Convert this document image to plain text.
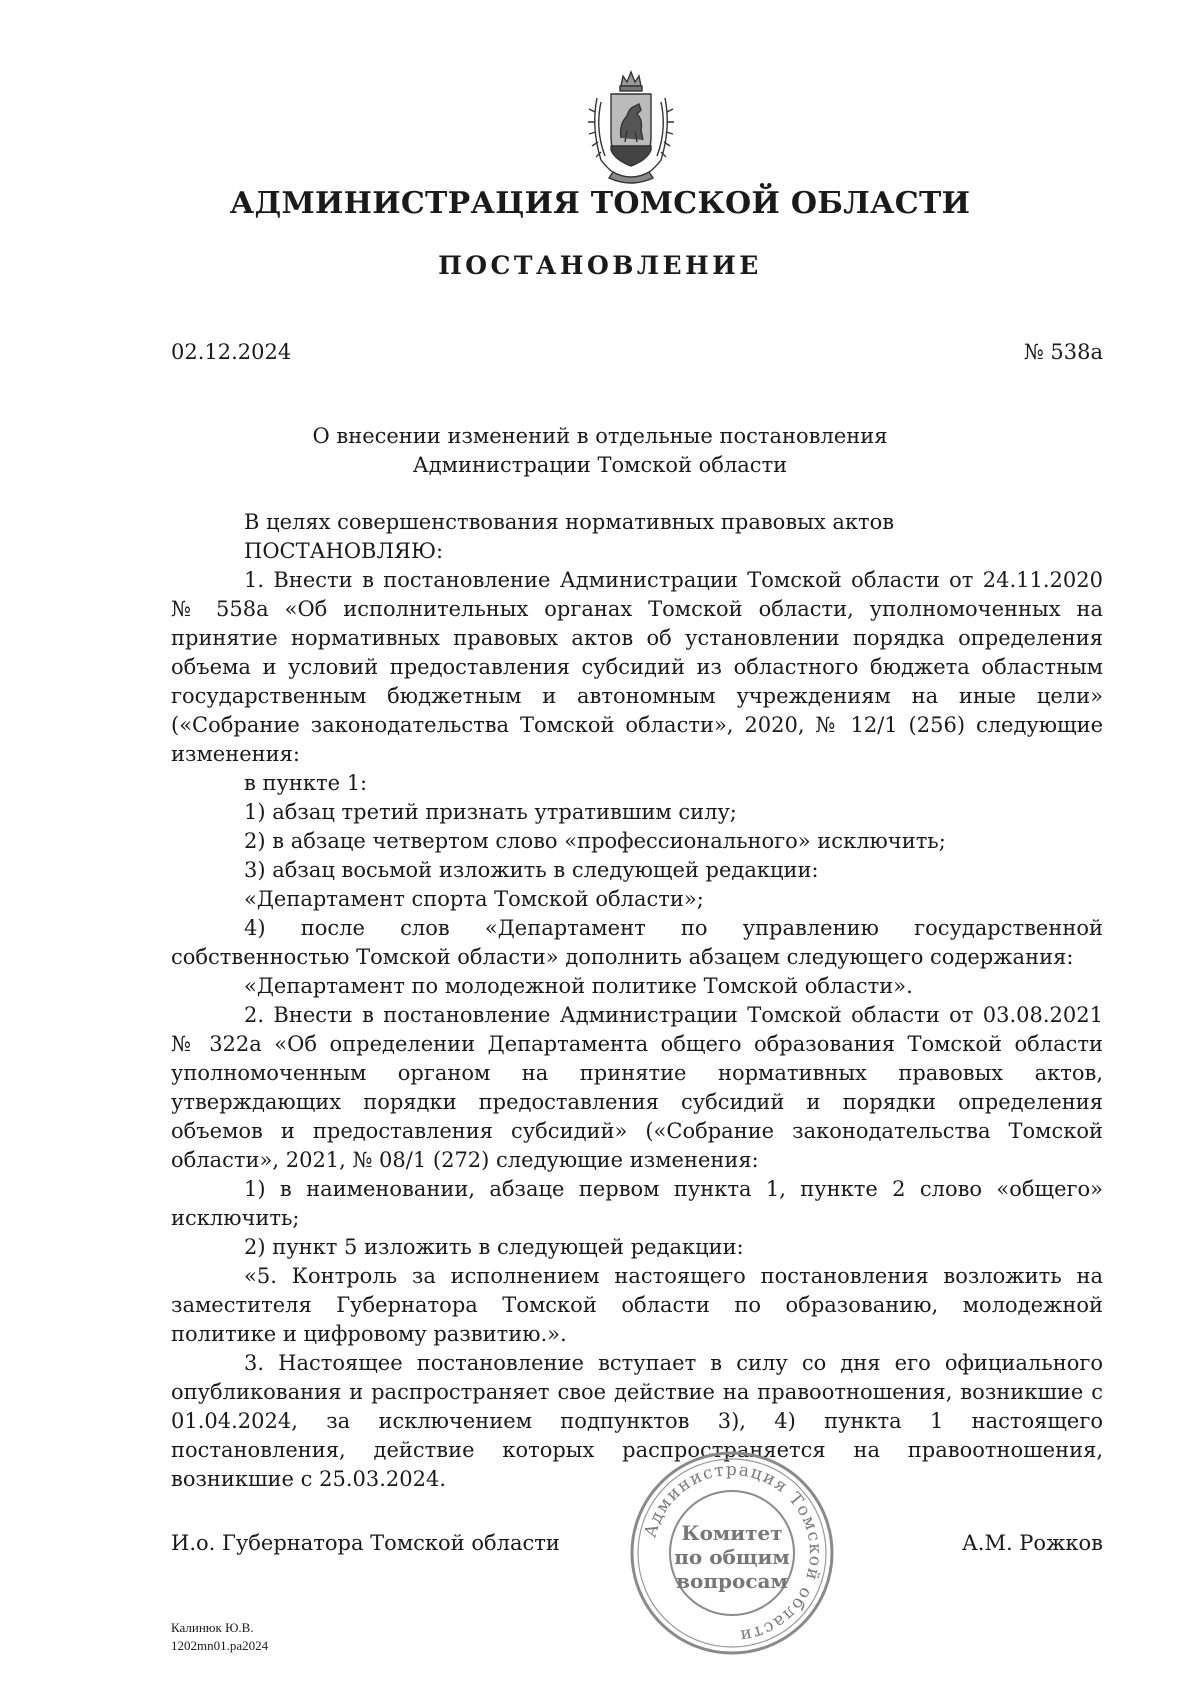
АДМИНИСТРАЦИЯ ТОМСКОЙ ОБЛАСТИ
ПОСТАНОВЛЕНИЕ
02.12.2024	№ 538а
О внесении изменений в отдельные постановления
Администрации Томской области

В целях совершенствования нормативных правовых актов

ПОСТАНОВЛЯЮ:

1. Внести в постановление Администрации Томской области от 24.11.2020 № 558а «Об исполнительных органах Томской области, уполномоченных на принятие нормативных правовых актов об установлении порядка определения объема и условий предоставления субсидий из областного бюджета областным государственным бюджетным и автономным учреждениям на иные цели» («Собрание законодательства Томской области», 2020, № 12/1 (256) следующие изменения:

в пункте 1:

1) абзац третий признать утратившим силу;

2) в абзаце четвертом слово «профессионального» исключить;

3) абзац восьмой изложить в следующей редакции:

«Департамент спорта Томской области»;

4) после слов «Департамент по управлению государственной собственностью Томской области» дополнить абзацем следующего содержания:

«Департамент по молодежной политике Томской области».

2. Внести в постановление Администрации Томской области от 03.08.2021 № 322а «Об определении Департамента общего образования Томской области уполномоченным органом на принятие нормативных правовых актов, утверждающих порядки предоставления субсидий и порядки определения объемов и предоставления субсидий» («Собрание законодательства Томской области», 2021, № 08/1 (272) следующие изменения:

1) в наименовании, абзаце первом пункта 1, пункте 2 слово «общего» исключить;

2) пункт 5 изложить в следующей редакции:

«5. Контроль за исполнением настоящего постановления возложить на заместителя Губернатора Томской области по образованию, молодежной политике и цифровому развитию.».

3. Настоящее постановление вступает в силу со дня его официального опубликования и распространяет свое действие на правоотношения, возникшие с 01.04.2024, за исключением подпунктов 3), 4) пункта 1 настоящего постановления, действие которых распространяется на правоотношения, возникшие с 25.03.2024.

И.о. Губернатора Томской области	А.М. Рожков
Администрация Томской области
Комитет
по общим
вопросам
Калинюк Ю.В.
1202mn01.pa2024
